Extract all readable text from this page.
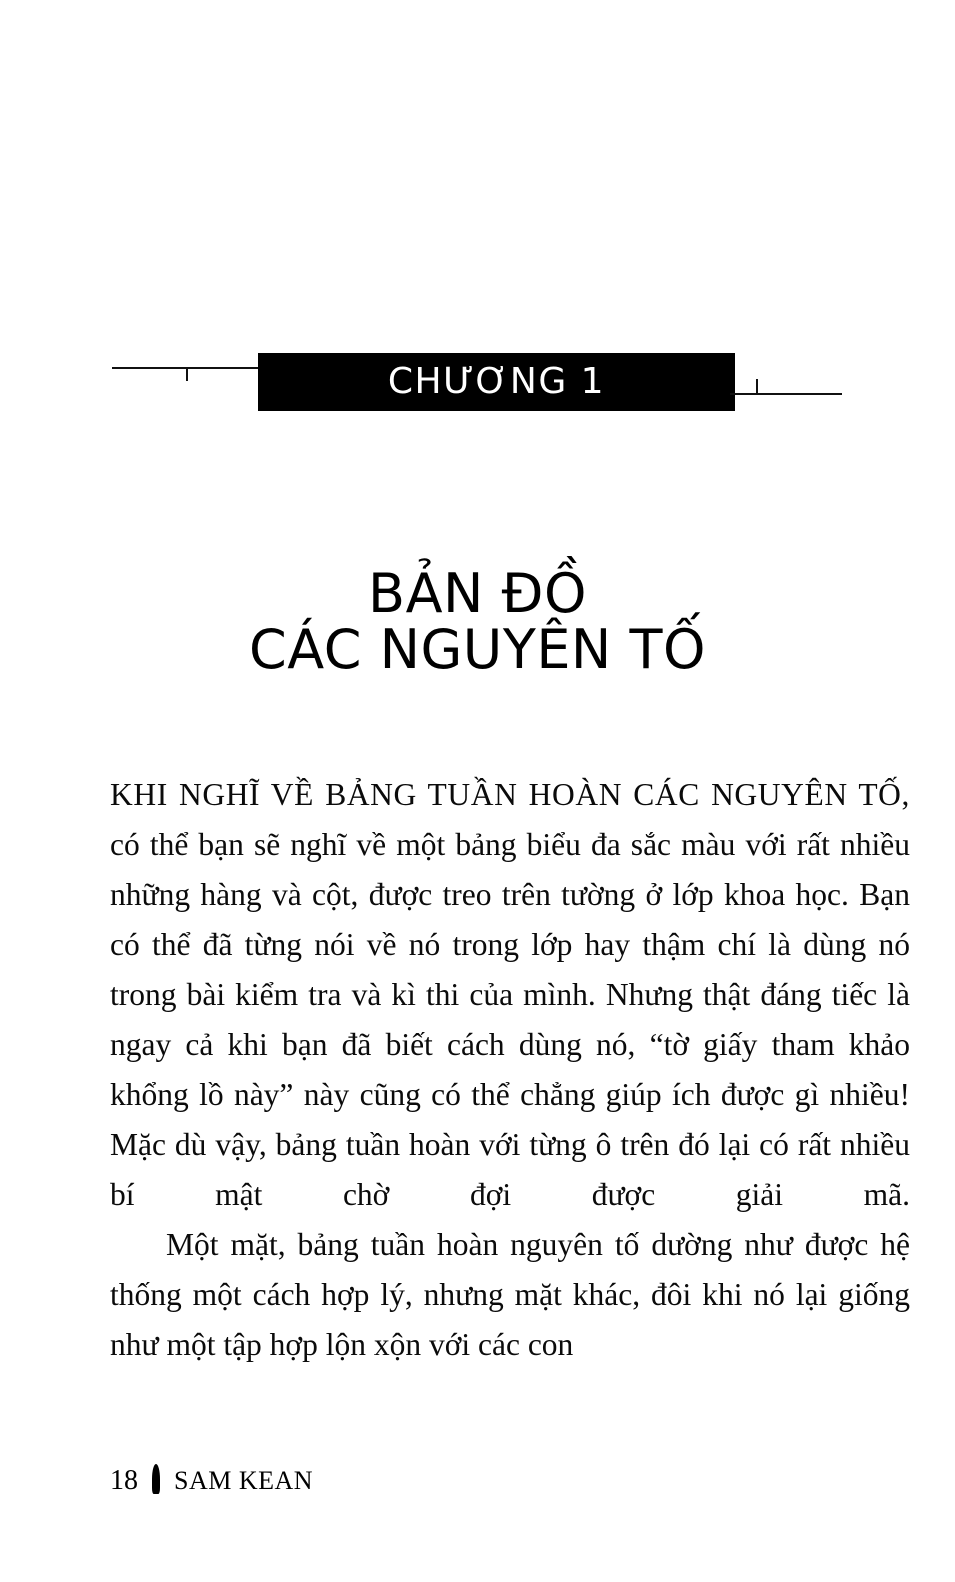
CHƯƠNG 1
BẢN ĐỒ
CÁC NGUYÊN TỐ

KHI NGHĨ VỀ BẢNG TUẦN HOÀN CÁC NGUYÊN TỐ, có thể bạn sẽ nghĩ về một bảng biểu đa sắc màu với rất nhiều những hàng và cột, được treo trên tường ở lớp khoa học. Bạn có thể đã từng nói về nó trong lớp hay thậm chí là dùng nó trong bài kiểm tra và kì thi của mình. Nhưng thật đáng tiếc là ngay cả khi bạn đã biết cách dùng nó, “tờ giấy tham khảo khổng lồ này” này cũng có thể chẳng giúp ích được gì nhiều! Mặc dù vậy, bảng tuần hoàn với từng ô trên đó lại có rất nhiều bí mật chờ đợi được giải mã.

Một mặt, bảng tuần hoàn nguyên tố dường như được hệ thống một cách hợp lý, nhưng mặt khác, đôi khi nó lại giống như một tập hợp lộn xộn với các con

18 SAM KEAN
